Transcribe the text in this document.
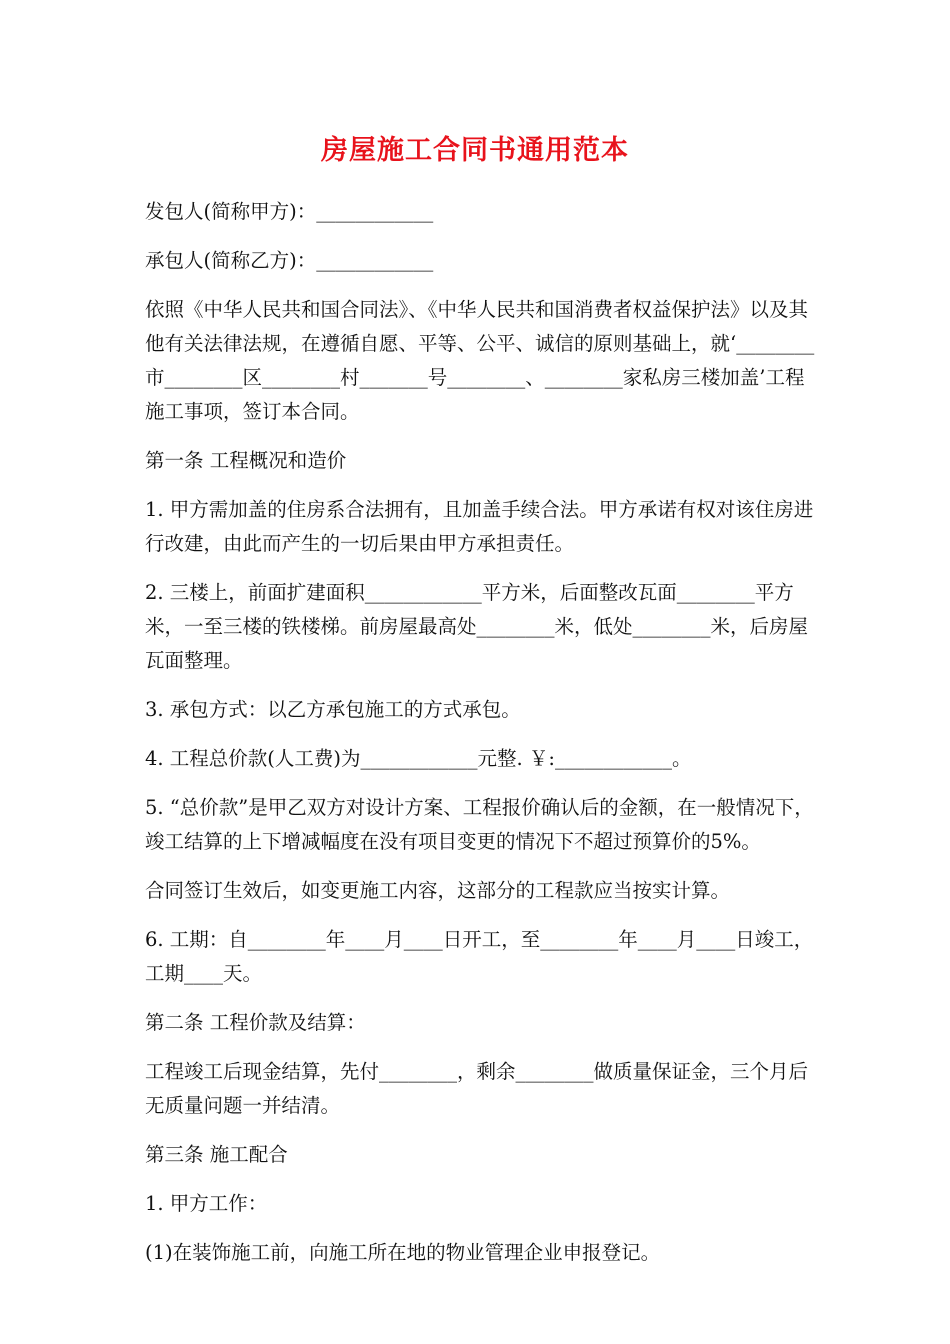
房屋施工合同书通用范本

发包人(简称甲方)：____________

承包人(简称乙方)：____________

依照《中华人民共和国合同法》、《中华人民共和国消费者权益保护法》以及其他有关法律法规，在遵循自愿、平等、公平、诚信的原则基础上，就‘________市________区________村_______号________、________家私房三楼加盖’工程施工事项，签订本合同。

第一条 工程概况和造价

1. 甲方需加盖的住房系合法拥有，且加盖手续合法。甲方承诺有权对该住房进行改建，由此而产生的一切后果由甲方承担责任。

2. 三楼上，前面扩建面积____________平方米，后面整改瓦面________平方米，一至三楼的铁楼梯。前房屋最高处________米，低处________米，后房屋瓦面整理。

3. 承包方式：以乙方承包施工的方式承包。

4. 工程总价款(人工费)为____________元整. ￥:____________。

5. “总价款”是甲乙双方对设计方案、工程报价确认后的金额，在一般情况下，竣工结算的上下增减幅度在没有项目变更的情况下不超过预算价的5%。

合同签订生效后，如变更施工内容，这部分的工程款应当按实计算。

6. 工期：自________年____月____日开工，至________年____月____日竣工，工期____天。

第二条 工程价款及结算：

工程竣工后现金结算，先付________，剩余________做质量保证金，三个月后无质量问题一并结清。

第三条 施工配合

1. 甲方工作：

(1)在装饰施工前，向施工所在地的物业管理企业申报登记。
